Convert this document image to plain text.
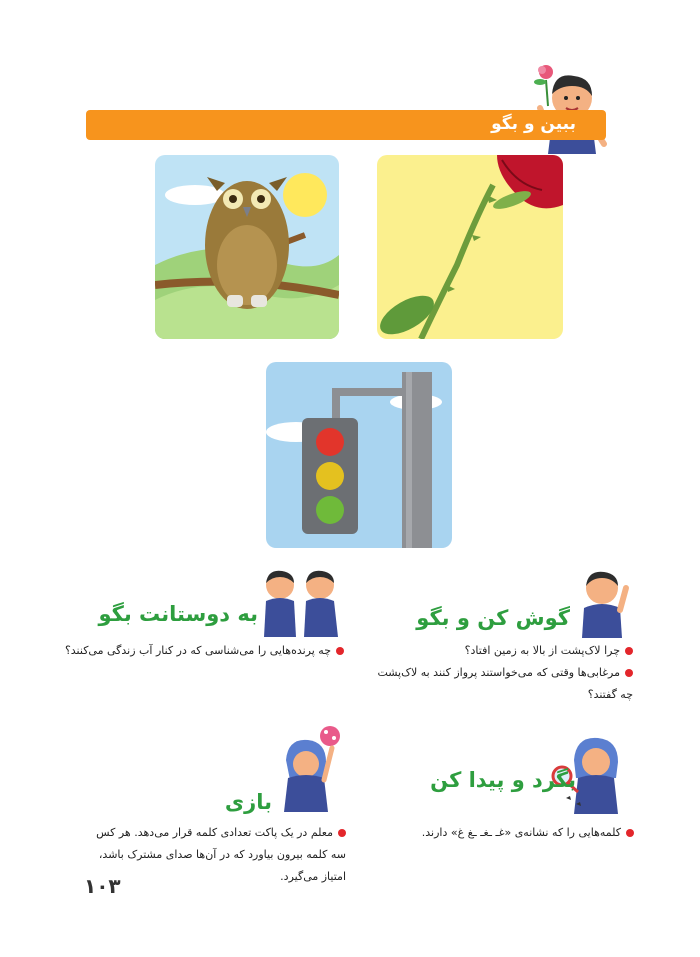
ببین و بگو
به دوستانت بگو
چه پرنده‌هایی را می‌شناسی که در کنار آب زندگی می‌کنند؟
گوش کن و بگو
چرا لاک‌پشت از بالا به زمین افتاد؟
مرغابی‌ها وقتی که می‌خواستند پرواز کنند به لاک‌پشت چه گفتند؟
بازی
معلم در یک پاکت تعدادی کلمه قرار می‌دهد. هر کس سه کلمه بیرون بیاورد که در آن‌ها صدای مشترک باشد، امتیاز می‌گیرد.
بگرد و پیدا کن
کلمه‌هایی را که نشانه‌ی «غـ ـغـ ـغ غ» دارند.
۱۰۳
